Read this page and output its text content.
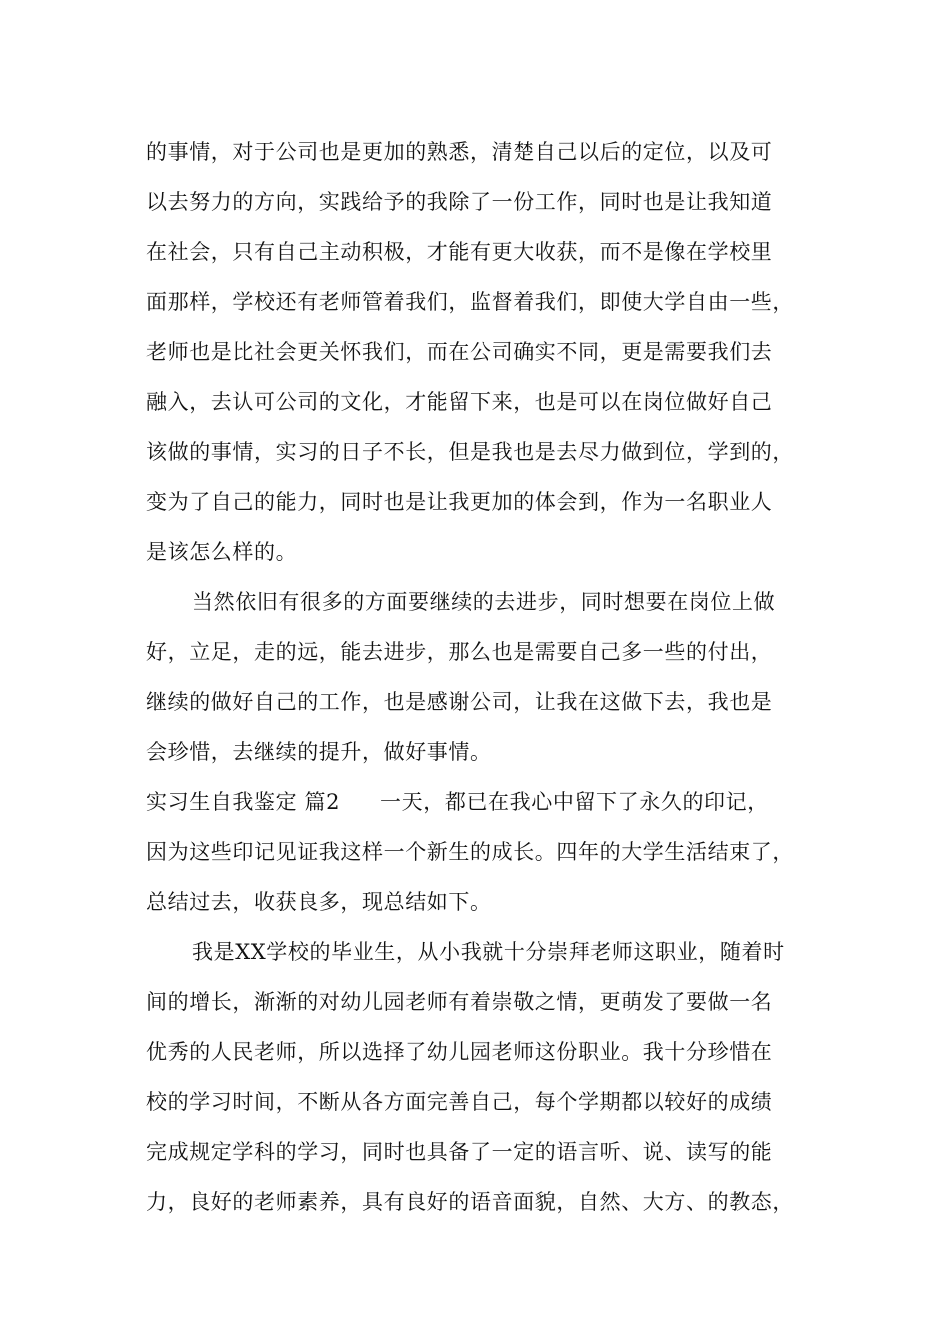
的事情，对于公司也是更加的熟悉，清楚自己以后的定位，以及可
以去努力的方向，实践给予的我除了一份工作，同时也是让我知道
在社会，只有自己主动积极，才能有更大收获，而不是像在学校里
面那样，学校还有老师管着我们，监督着我们，即使大学自由一些，
老师也是比社会更关怀我们，而在公司确实不同，更是需要我们去
融入，去认可公司的文化，才能留下来，也是可以在岗位做好自己
该做的事情，实习的日子不长，但是我也是去尽力做到位，学到的，
变为了自己的能力，同时也是让我更加的体会到，作为一名职业人
是该怎么样的。
当然依旧有很多的方面要继续的去进步，同时想要在岗位上做
好，立足，走的远，能去进步，那么也是需要自己多一些的付出，
继续的做好自己的工作，也是感谢公司，让我在这做下去，我也是
会珍惜，去继续的提升，做好事情。
实习生自我鉴定 篇2 一天，都已在我心中留下了永久的印记，
因为这些印记见证我这样一个新生的成长。四年的大学生活结束了，
总结过去，收获良多，现总结如下。
我是XX学校的毕业生，从小我就十分崇拜老师这职业，随着时
间的增长，渐渐的对幼儿园老师有着崇敬之情，更萌发了要做一名
优秀的人民老师，所以选择了幼儿园老师这份职业。我十分珍惜在
校的学习时间，不断从各方面完善自己，每个学期都以较好的成绩
完成规定学科的学习，同时也具备了一定的语言听、说、读写的能
力，良好的老师素养，具有良好的语音面貌，自然、大方、的教态，
